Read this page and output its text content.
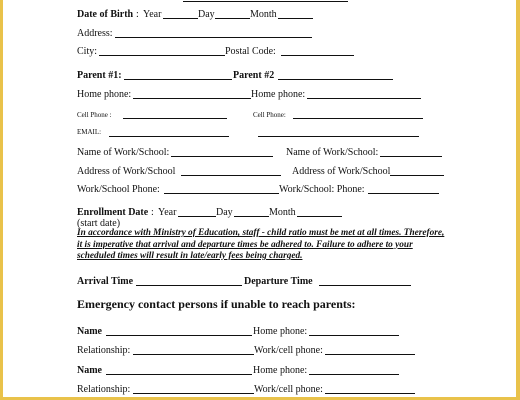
Date of Birth : Year	Day	Month
Address:
City:	Postal Code:
Parent #1:	Parent #2
Home phone:	Home phone:
Cell Phone :	Cell Phone:
EMAIL:
Name of Work/School:	Name of Work/School:
Address of Work/School	Address of Work/School
Work/School Phone:	Work/School: Phone:
Enrollment Date : Year	Day	Month
(start date)

In accordance with Ministry of Education, staff - child ratio must be met at all times. Therefore, it is imperative that arrival and departure times be adhered to. Failure to adhere to your scheduled times will result in late/early fees being charged.

Arrival Time	Departure Time
Emergency contact persons if unable to reach parents:
Name	Home phone:
Relationship:	Work/cell phone:
Name	Home phone:
Relationship:	Work/cell phone:
